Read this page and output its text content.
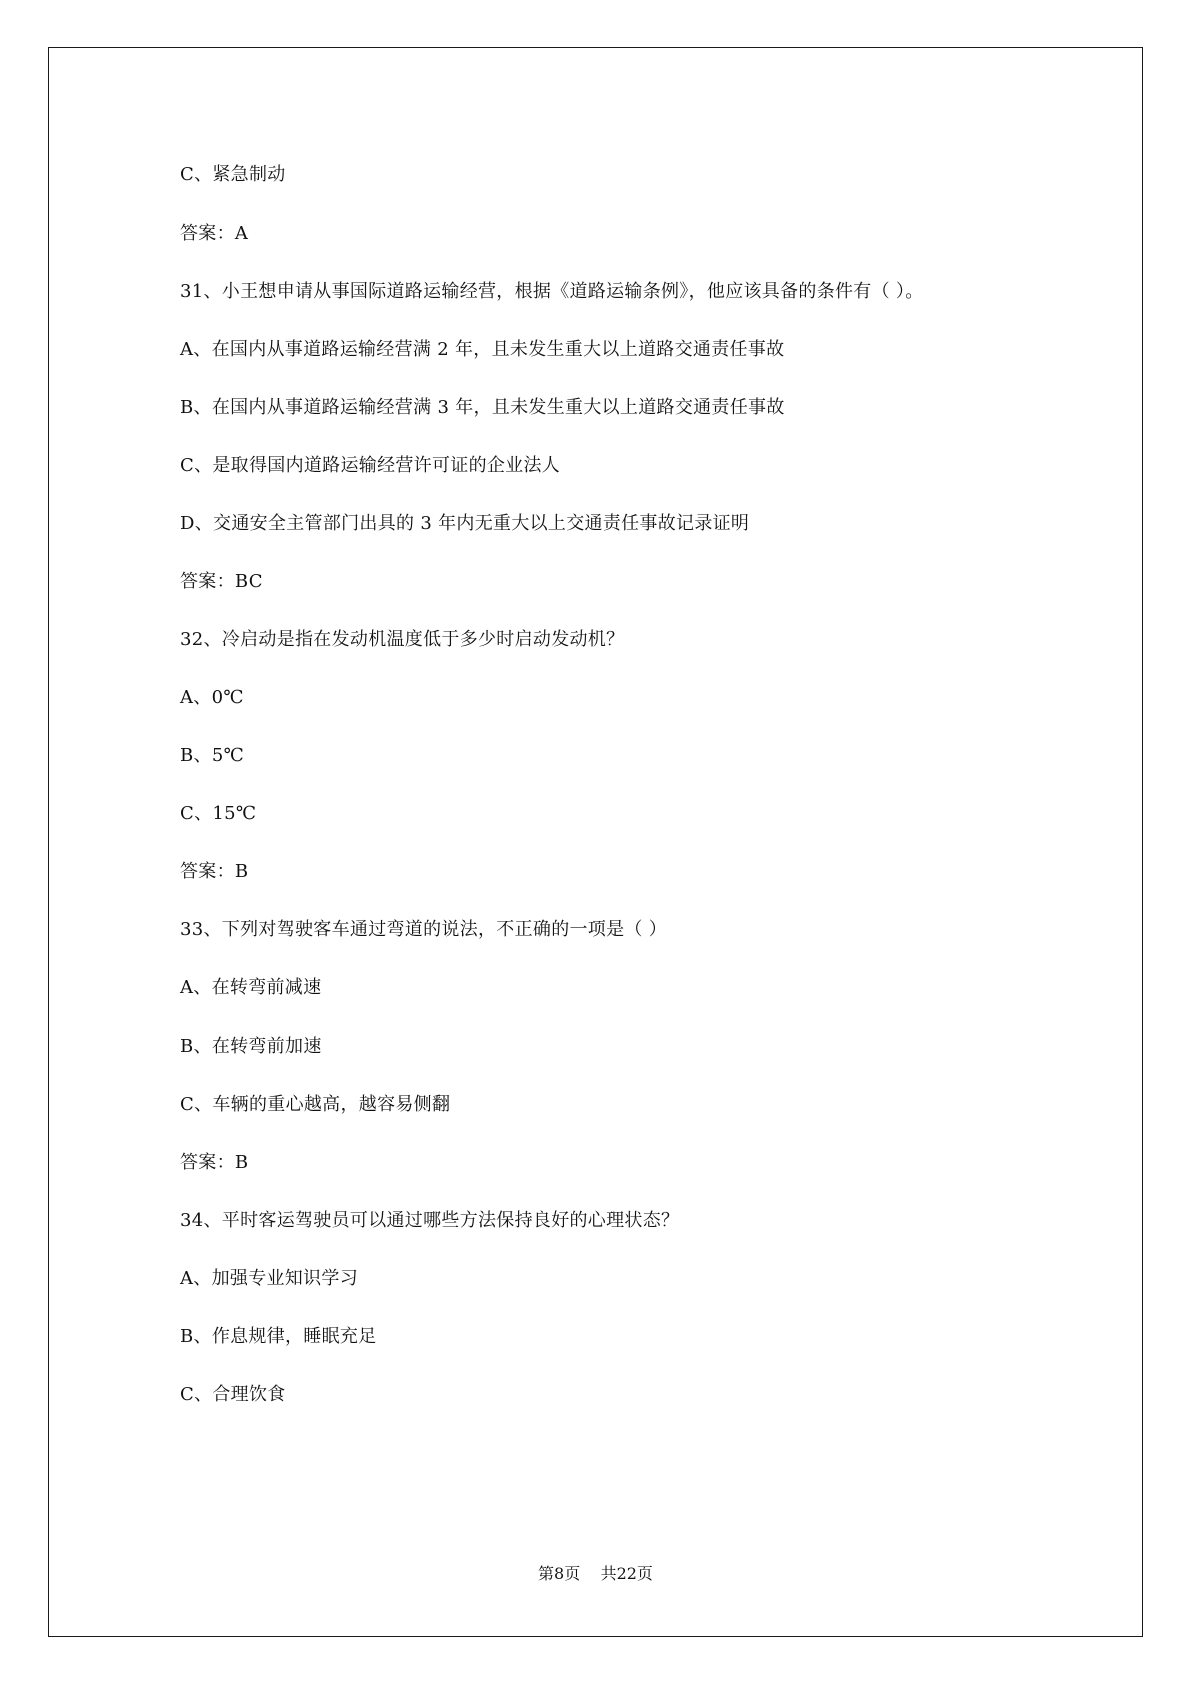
C、紧急制动
答案：A
31、小王想申请从事国际道路运输经营，根据《道路运输条例》，他应该具备的条件有（ ）。
A、在国内从事道路运输经营满 2 年，且未发生重大以上道路交通责任事故
B、在国内从事道路运输经营满 3 年，且未发生重大以上道路交通责任事故
C、是取得国内道路运输经营许可证的企业法人
D、交通安全主管部门出具的 3 年内无重大以上交通责任事故记录证明
答案：BC
32、冷启动是指在发动机温度低于多少时启动发动机？
A、0℃
B、5℃
C、15℃
答案：B
33、下列对驾驶客车通过弯道的说法，不正确的一项是（ ）
A、在转弯前减速
B、在转弯前加速
C、车辆的重心越高，越容易侧翻
答案：B
34、平时客运驾驶员可以通过哪些方法保持良好的心理状态？
A、加强专业知识学习
B、作息规律，睡眠充足
C、合理饮食
第8页    共22页
